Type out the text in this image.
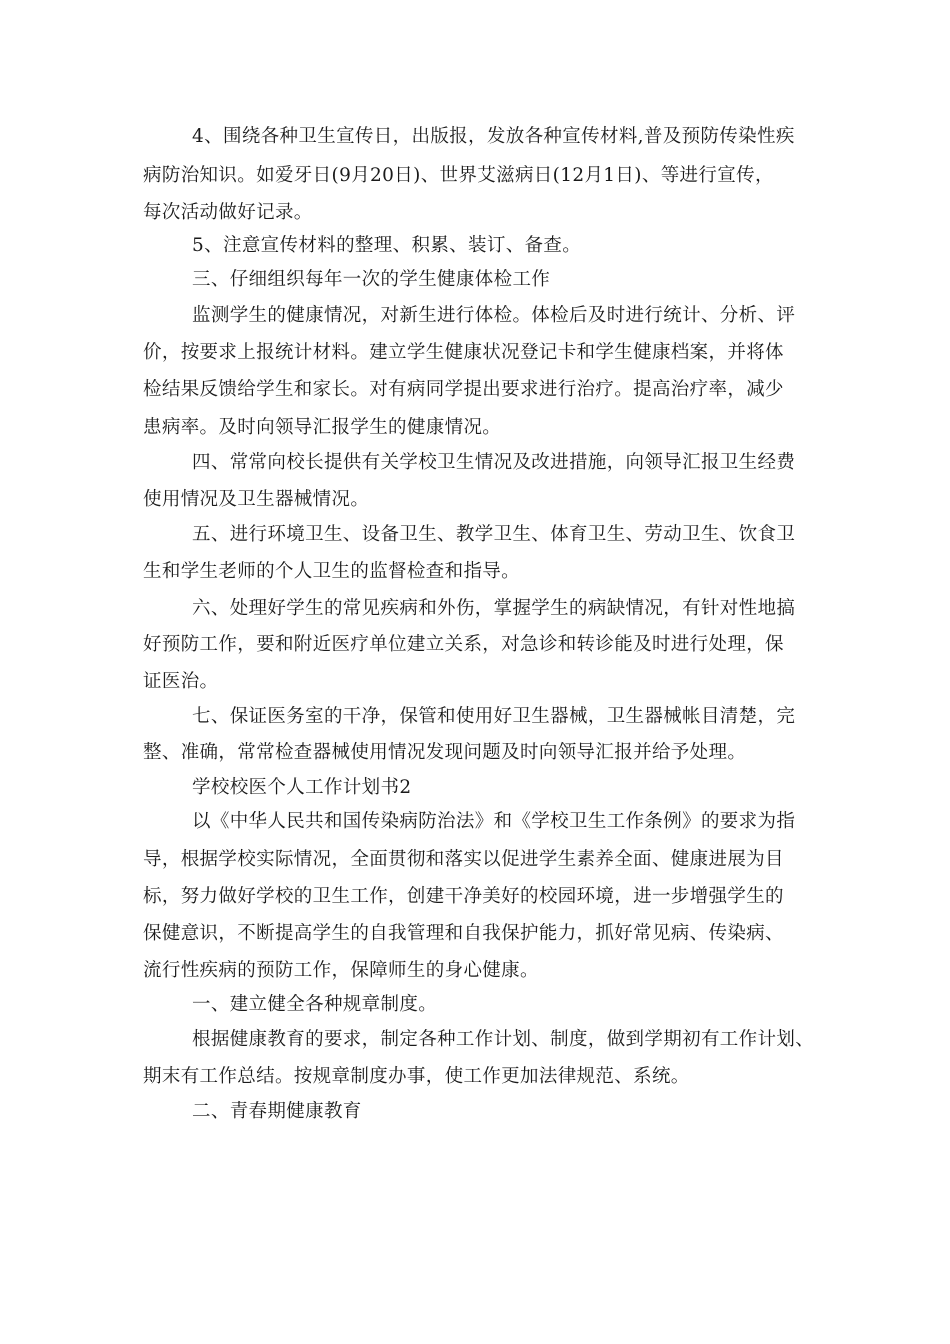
4、围绕各种卫生宣传日，出版报，发放各种宣传材料,普及预防传染性疾
病防治知识。如爱牙日(9月20日)、世界艾滋病日(12月1日)、等进行宣传，
每次活动做好记录。
5、注意宣传材料的整理、积累、装订、备查。
三、仔细组织每年一次的学生健康体检工作
监测学生的健康情况，对新生进行体检。体检后及时进行统计、分析、评
价，按要求上报统计材料。建立学生健康状况登记卡和学生健康档案，并将体
检结果反馈给学生和家长。对有病同学提出要求进行治疗。提高治疗率，减少
患病率。及时向领导汇报学生的健康情况。
四、常常向校长提供有关学校卫生情况及改进措施，向领导汇报卫生经费
使用情况及卫生器械情况。
五、进行环境卫生、设备卫生、教学卫生、体育卫生、劳动卫生、饮食卫
生和学生老师的个人卫生的监督检查和指导。
六、处理好学生的常见疾病和外伤，掌握学生的病缺情况，有针对性地搞
好预防工作，要和附近医疗单位建立关系，对急诊和转诊能及时进行处理，保
证医治。
七、保证医务室的干净，保管和使用好卫生器械，卫生器械帐目清楚，完
整、准确，常常检查器械使用情况发现问题及时向领导汇报并给予处理。
学校校医个人工作计划书2
以《中华人民共和国传染病防治法》和《学校卫生工作条例》的要求为指
导，根据学校实际情况，全面贯彻和落实以促进学生素养全面、健康进展为目
标，努力做好学校的卫生工作，创建干净美好的校园环境，进一步增强学生的
保健意识，不断提高学生的自我管理和自我保护能力，抓好常见病、传染病、
流行性疾病的预防工作，保障师生的身心健康。
一、建立健全各种规章制度。
根据健康教育的要求，制定各种工作计划、制度，做到学期初有工作计划、
期末有工作总结。按规章制度办事，使工作更加法律规范、系统。
二、青春期健康教育
